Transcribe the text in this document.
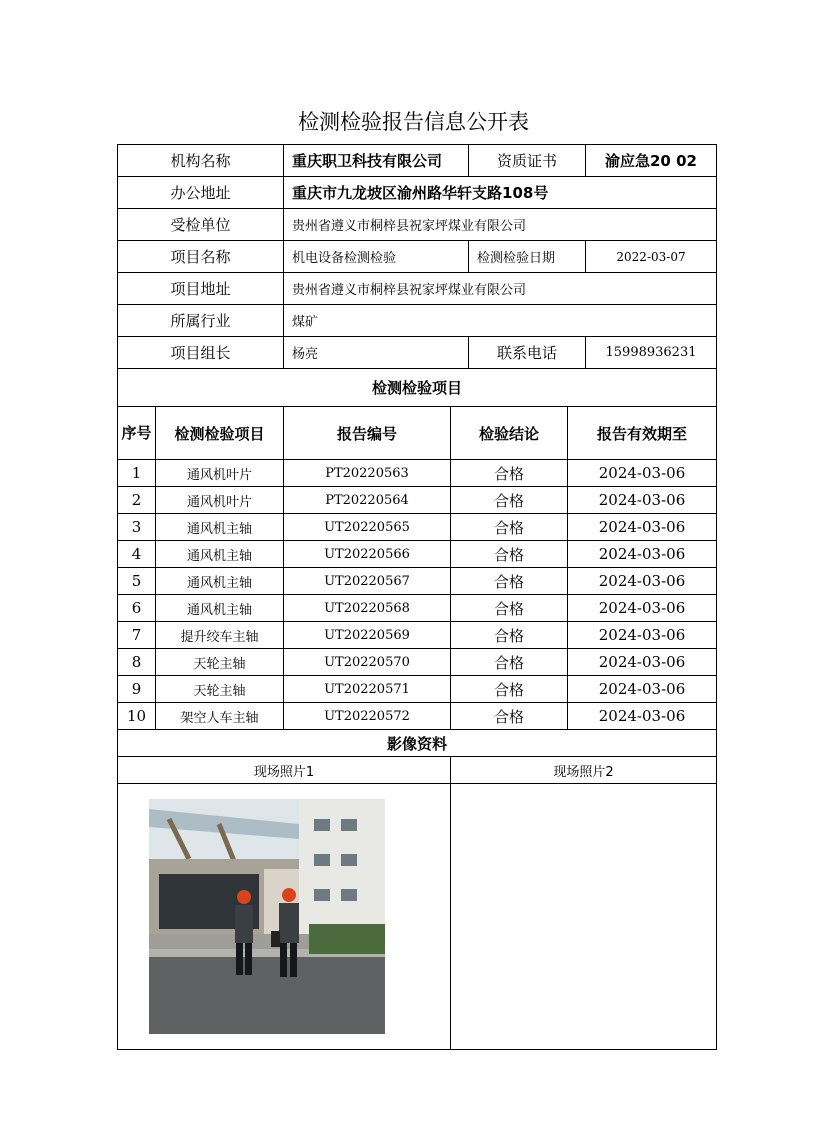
检测检验报告信息公开表
机构名称		重庆职卫科技有限公司		资质证书		渝应急20 02
办公地址		重庆市九龙坡区渝州路华轩支路108号				
受检单位		贵州省遵义市桐梓县祝家坪煤业有限公司				
项目名称		机电设备检测检验		检测检验日期		2022-03-07
项目地址		贵州省遵义市桐梓县祝家坪煤业有限公司				
所属行业		煤矿				
项目组长		杨亮		联系电话		15998936231
检测检验项目						
序号	检测检验项目	报告编号	检验结论		报告有效期至	
1	通风机叶片	PT20220563	合格		2024-03-06	
2	通风机叶片	PT20220564	合格		2024-03-06	
3	通风机主轴	UT20220565	合格		2024-03-06	
4	通风机主轴	UT20220566	合格		2024-03-06	
5	通风机主轴	UT20220567	合格		2024-03-06	
6	通风机主轴	UT20220568	合格		2024-03-06	
7	提升绞车主轴	UT20220569	合格		2024-03-06	
8	天轮主轴	UT20220570	合格		2024-03-06	
9	天轮主轴	UT20220571	合格		2024-03-06	
10	架空人车主轴	UT20220572	合格		2024-03-06	
影像资料						
现场照片1			现场照片2			
